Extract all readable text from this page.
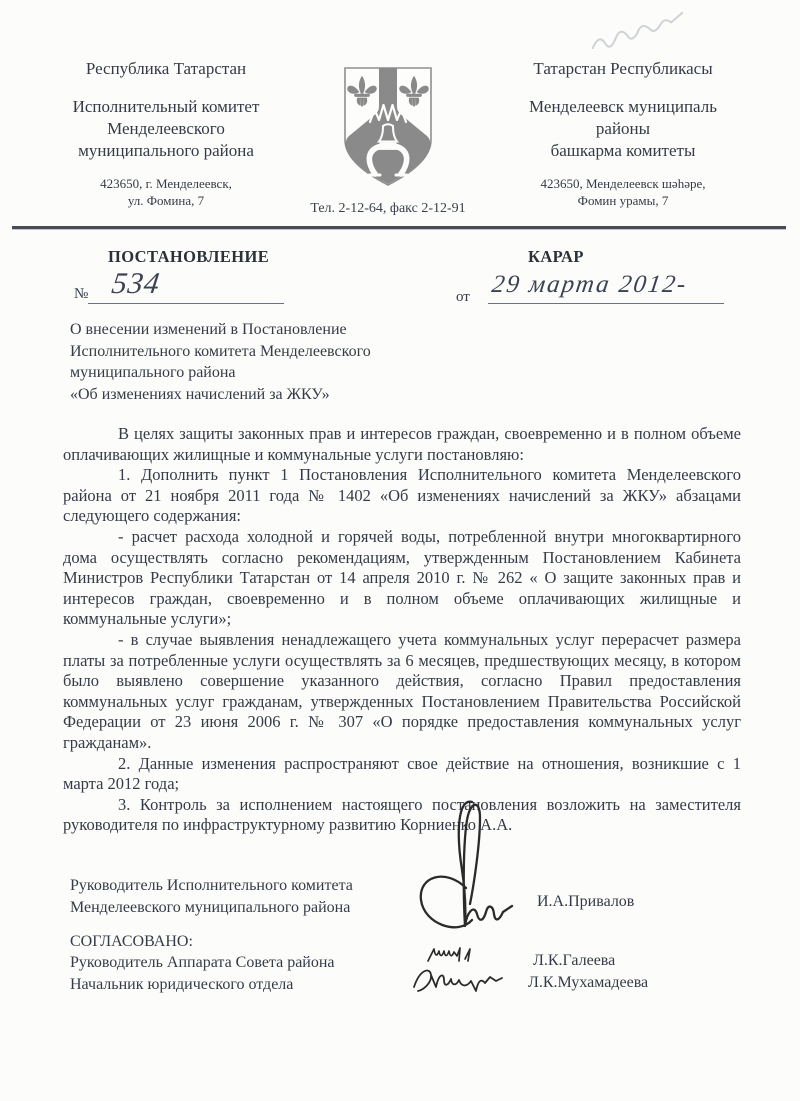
Республика Татарстан
Исполнительный комитет
Менделеевского
муниципального района
423650, г. Менделеевск,
ул. Фомина, 7
Татарстан Республикасы
Менделеевск муниципаль
районы
башкарма комитеты
423650, Менделеевск шәһәре,
Фомин урамы, 7
Тел. 2-12-64, факс 2-12-91
ПОСТАНОВЛЕНИЕ	КАРАР
№ 534	от 29 марта 2012-
О внесении изменений в Постановление
Исполнительного комитета Менделеевского
муниципального района
«Об изменениях начислений за ЖКУ»

В целях защиты законных прав и интересов граждан, своевременно и в полном объеме оплачивающих жилищные и коммунальные услуги постановляю:

1. Дополнить пункт 1 Постановления Исполнительного комитета Менделеевского района от 21 ноября 2011 года № 1402 «Об изменениях начислений за ЖКУ» абзацами следующего содержания:

- расчет расхода холодной и горячей воды, потребленной внутри многоквартирного дома осуществлять согласно рекомендациям, утвержденным Постановлением Кабинета Министров Республики Татарстан от 14 апреля 2010 г. № 262 « О защите законных прав и интересов граждан, своевременно и в полном объеме оплачивающих жилищные и коммунальные услуги»;

- в случае выявления ненадлежащего учета коммунальных услуг перерасчет размера платы за потребленные услуги осуществлять за 6 месяцев, предшествующих месяцу, в котором было выявлено совершение указанного действия, согласно Правил предоставления коммунальных услуг гражданам, утвержденных Постановлением Правительства Российской Федерации от 23 июня 2006 г. № 307 «О порядке предоставления коммунальных услуг гражданам».

2. Данные изменения распространяют свое действие на отношения, возникшие с 1 марта 2012 года;

3. Контроль за исполнением настоящего постановления возложить на заместителя руководителя по инфраструктурному развитию Корниенко А.А.

Руководитель Исполнительного комитета
Менделеевского муниципального района	И.А.Привалов
СОГЛАСОВАНО:
Руководитель Аппарата Совета района	Л.К.Галеева
Начальник юридического отдела	Л.К.Мухамадеева
